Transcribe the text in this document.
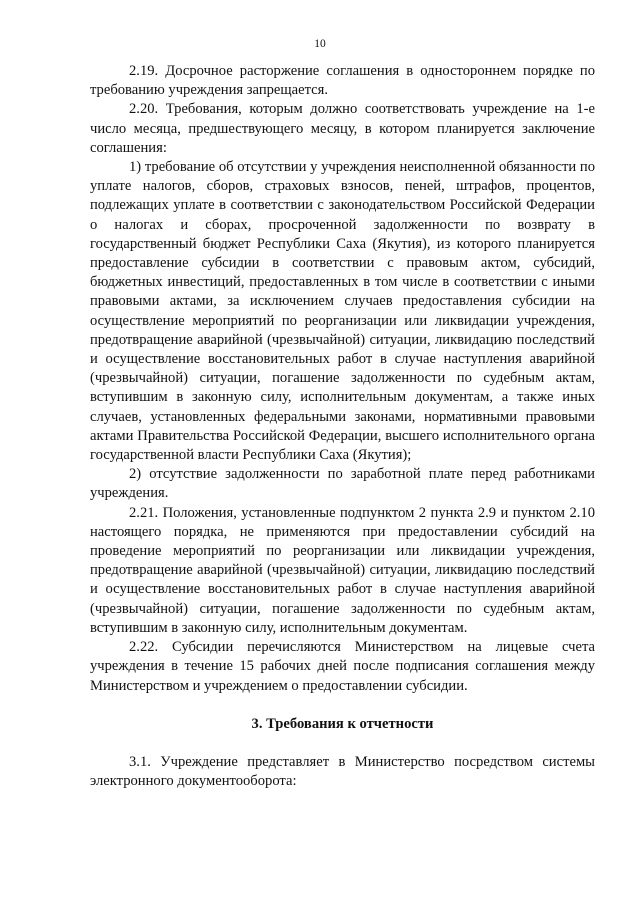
10

2.19. Досрочное расторжение соглашения в одностороннем порядке по требованию учреждения запрещается.

2.20. Требования, которым должно соответствовать учреждение на 1-е число месяца, предшествующего месяцу, в котором планируется заключение соглашения:

1) требование об отсутствии у учреждения неисполненной обязанности по уплате налогов, сборов, страховых взносов, пеней, штрафов, процентов, подлежащих уплате в соответствии с законодательством Российской Федерации о налогах и сборах, просроченной задолженности по возврату в государственный бюджет Республики Саха (Якутия), из которого планируется предоставление субсидии в соответствии с правовым актом, субсидий, бюджетных инвестиций, предоставленных в том числе в соответствии с иными правовыми актами, за исключением случаев предоставления субсидии на осуществление мероприятий по реорганизации или ликвидации учреждения, предотвращение аварийной (чрезвычайной) ситуации, ликвидацию последствий и осуществление восстановительных работ в случае наступления аварийной (чрезвычайной) ситуации, погашение задолженности по судебным актам, вступившим в законную силу, исполнительным документам, а также иных случаев, установленных федеральными законами, нормативными правовыми актами Правительства Российской Федерации, высшего исполнительного органа государственной власти Республики Саха (Якутия);

2) отсутствие задолженности по заработной плате перед работниками учреждения.

2.21. Положения, установленные подпунктом 2 пункта 2.9 и пунктом 2.10 настоящего порядка, не применяются при предоставлении субсидий на проведение мероприятий по реорганизации или ликвидации учреждения, предотвращение аварийной (чрезвычайной) ситуации, ликвидацию последствий и осуществление восстановительных работ в случае наступления аварийной (чрезвычайной) ситуации, погашение задолженности по судебным актам, вступившим в законную силу, исполнительным документам.

2.22. Субсидии перечисляются Министерством на лицевые счета учреждения в течение 15 рабочих дней после подписания соглашения между Министерством и учреждением о предоставлении субсидии.

3. Требования к отчетности

3.1. Учреждение представляет в Министерство посредством системы электронного документооборота:
